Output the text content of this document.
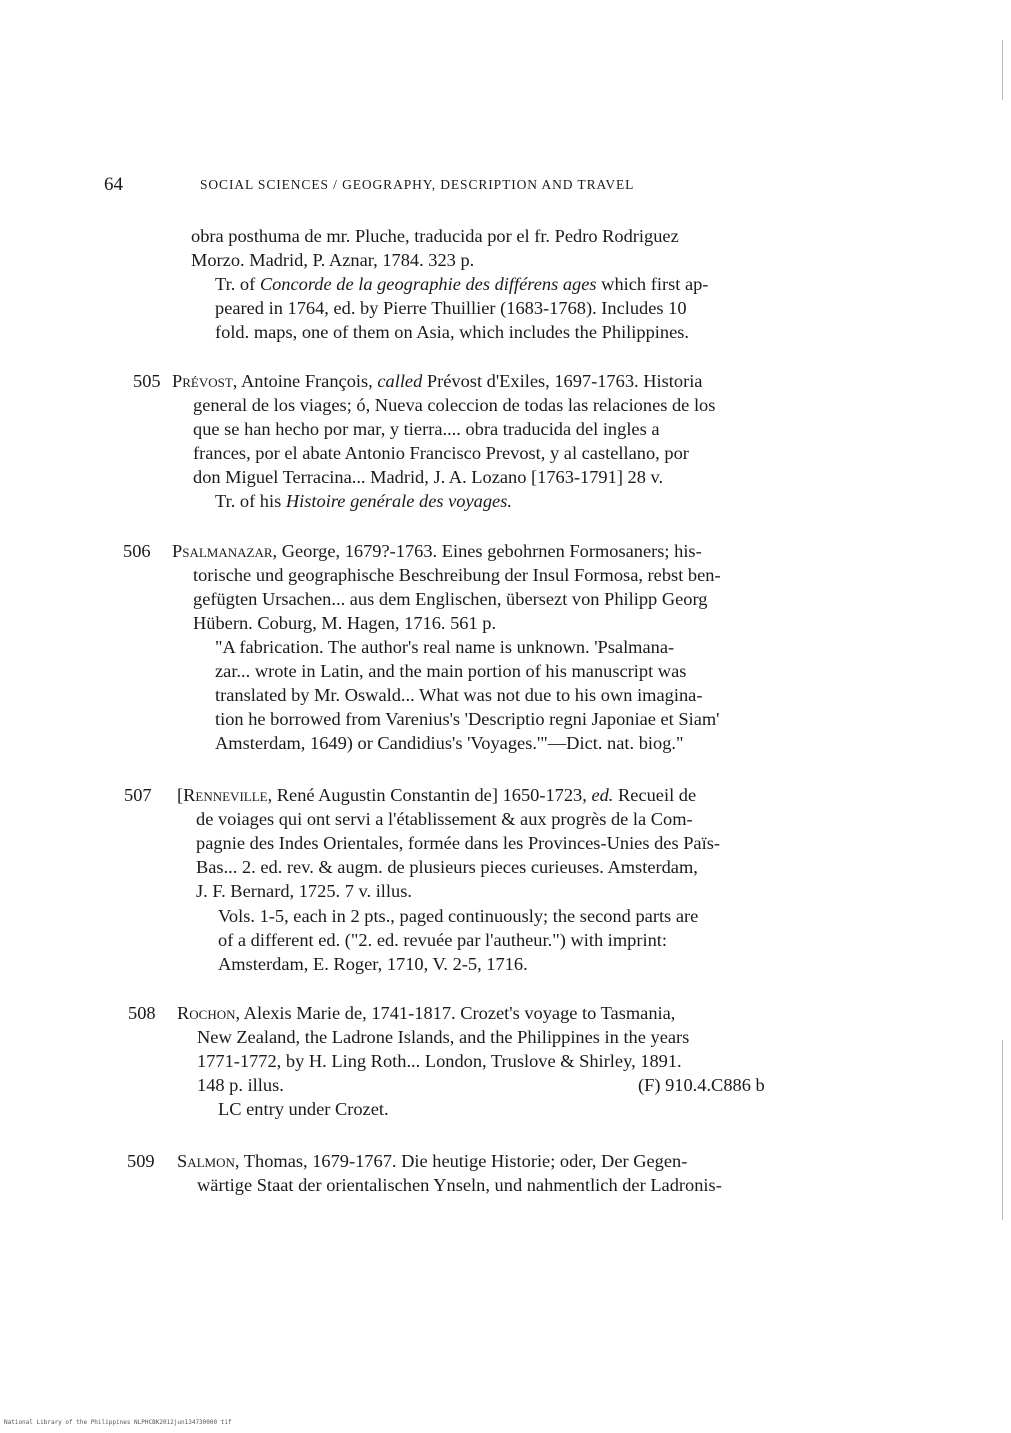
64	SOCIAL SCIENCES / GEOGRAPHY, DESCRIPTION AND TRAVEL
obra posthuma de mr. Pluche, traducida por el fr. Pedro Rodriguez
Morzo. Madrid, P. Aznar, 1784. 323 p.
Tr. of Concorde de la geographie des différens ages which first ap-
peared in 1764, ed. by Pierre Thuillier (1683-1768). Includes 10
fold. maps, one of them on Asia, which includes the Philippines.
505 Prévost, Antoine François, called Prévost d'Exiles, 1697-1763. Historia
general de los viages; ó, Nueva coleccion de todas las relaciones de los
que se han hecho por mar, y tierra.... obra traducida del ingles a
frances, por el abate Antonio Francisco Prevost, y al castellano, por
don Miguel Terracina... Madrid, J. A. Lozano [1763-1791] 28 v.
Tr. of his Histoire genérale des voyages.
506 Psalmanazar, George, 1679?-1763. Eines gebohrnen Formosaners; his-
torische und geographische Beschreibung der Insul Formosa, rebst ben-
gefügten Ursachen... aus dem Englischen, übersezt von Philipp Georg
Hübern. Coburg, M. Hagen, 1716. 561 p.
"A fabrication. The author's real name is unknown. 'Psalmana-
zar... wrote in Latin, and the main portion of his manuscript was
translated by Mr. Oswald... What was not due to his own imagina-
tion he borrowed from Varenius's 'Descriptio regni Japoniae et Siam'
Amsterdam, 1649) or Candidius's 'Voyages.'"—Dict. nat. biog."
507 [Renneville, René Augustin Constantin de] 1650-1723, ed. Recueil de
de voiages qui ont servi a l'établissement & aux progrès de la Com-
pagnie des Indes Orientales, formée dans les Provinces-Unies des Païs-
Bas... 2. ed. rev. & augm. de plusieurs pieces curieuses. Amsterdam,
J. F. Bernard, 1725. 7 v. illus.
Vols. 1-5, each in 2 pts., paged continuously; the second parts are
of a different ed. ("2. ed. revuée par l'autheur.") with imprint:
Amsterdam, E. Roger, 1710, V. 2-5, 1716.
508 Rochon, Alexis Marie de, 1741-1817. Crozet's voyage to Tasmania,
New Zealand, the Ladrone Islands, and the Philippines in the years
1771-1772, by H. Ling Roth... London, Truslove & Shirley, 1891.
148 p. illus.	(F) 910.4.C886 b
LC entry under Crozet.
509 Salmon, Thomas, 1679-1767. Die heutige Historie; oder, Der Gegen-
wärtige Staat der orientalischen Ynseln, und nahmentlich der Ladronis-
National Library of the Philippines NLPHCBK2012jun134730000 tif
